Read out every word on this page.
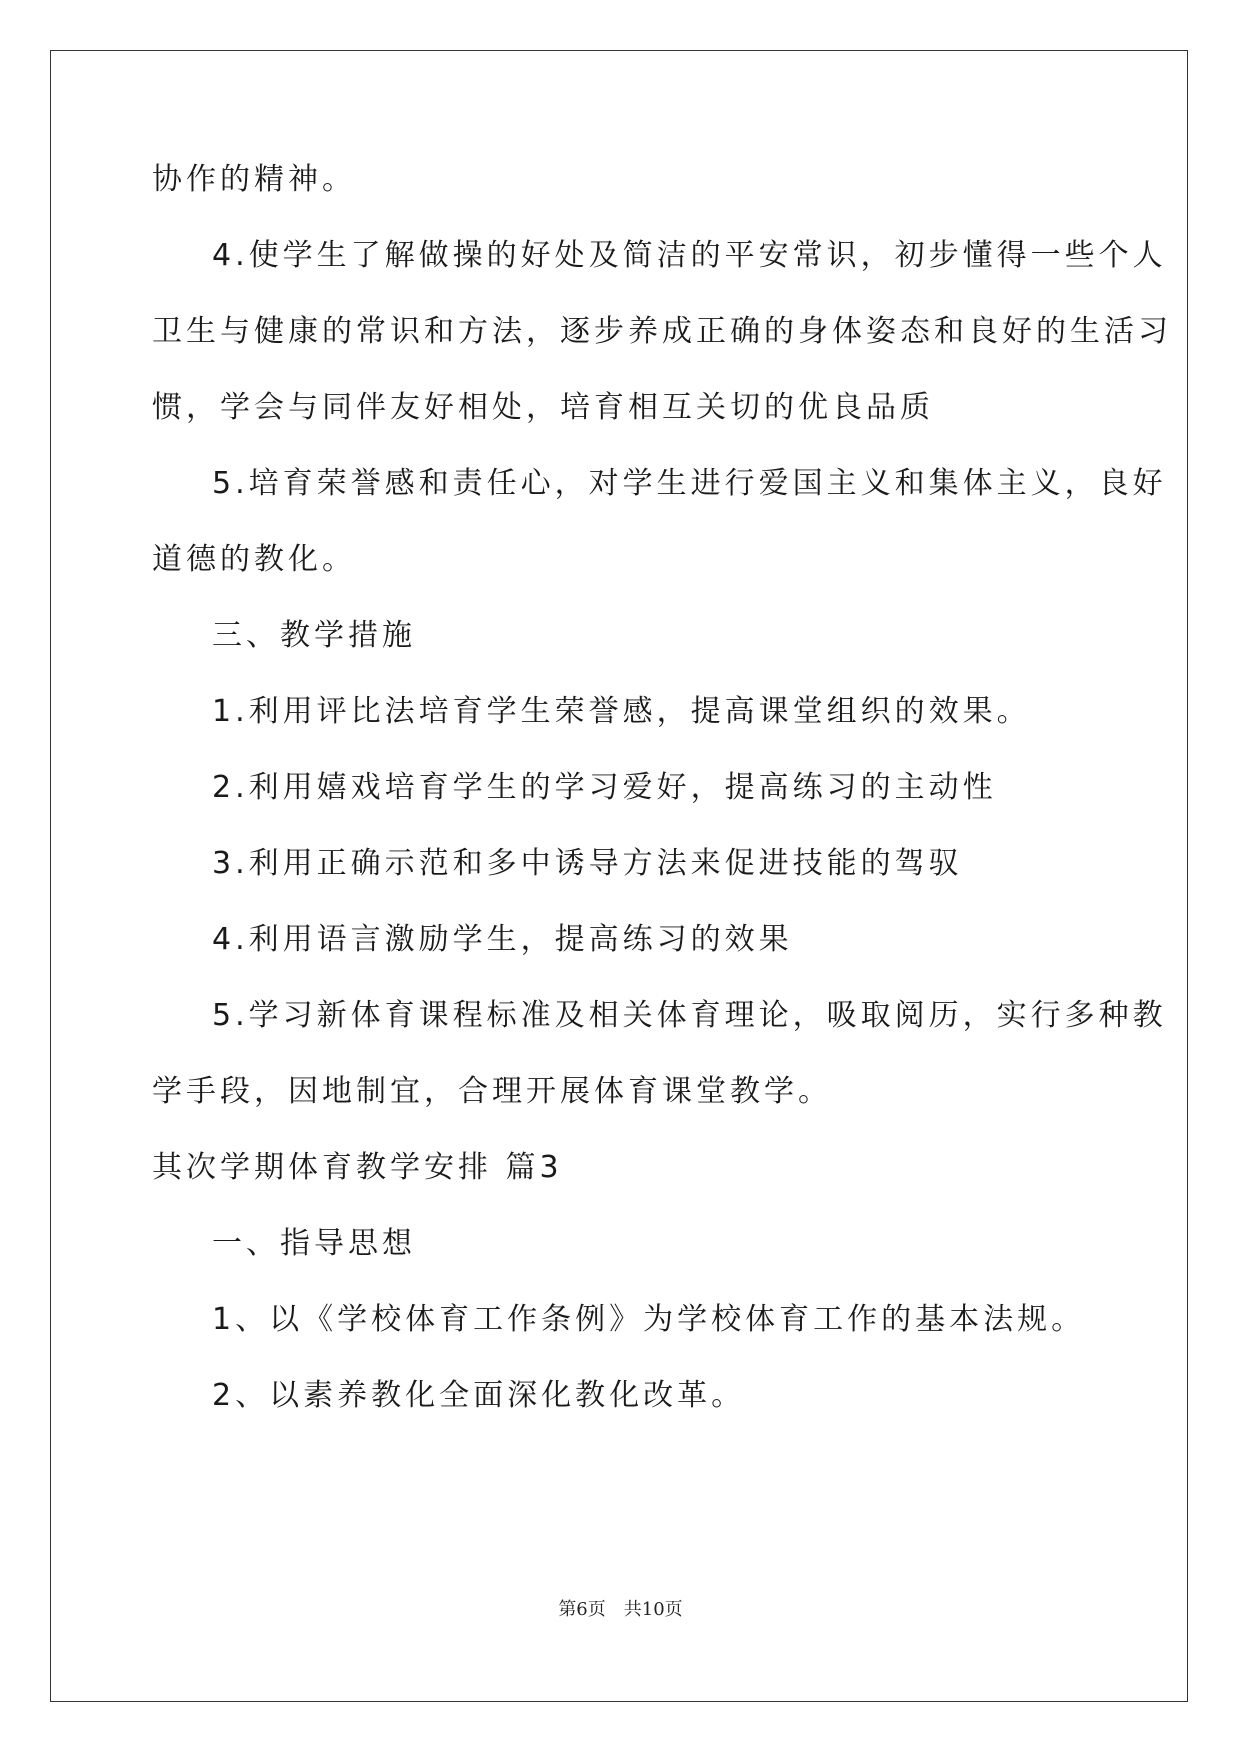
协作的精神。
4.使学生了解做操的好处及简洁的平安常识，初步懂得一些个人
卫生与健康的常识和方法，逐步养成正确的身体姿态和良好的生活习
惯，学会与同伴友好相处，培育相互关切的优良品质
5.培育荣誉感和责任心，对学生进行爱国主义和集体主义，良好
道德的教化。
三、教学措施
1.利用评比法培育学生荣誉感，提高课堂组织的效果。
2.利用嬉戏培育学生的学习爱好，提高练习的主动性
3.利用正确示范和多中诱导方法来促进技能的驾驭
4.利用语言激励学生，提高练习的效果
5.学习新体育课程标准及相关体育理论，吸取阅历，实行多种教
学手段，因地制宜，合理开展体育课堂教学。
其次学期体育教学安排 篇3
一、指导思想
1、以《学校体育工作条例》为学校体育工作的基本法规。
2、以素养教化全面深化教化改革。
第6页 共10页
